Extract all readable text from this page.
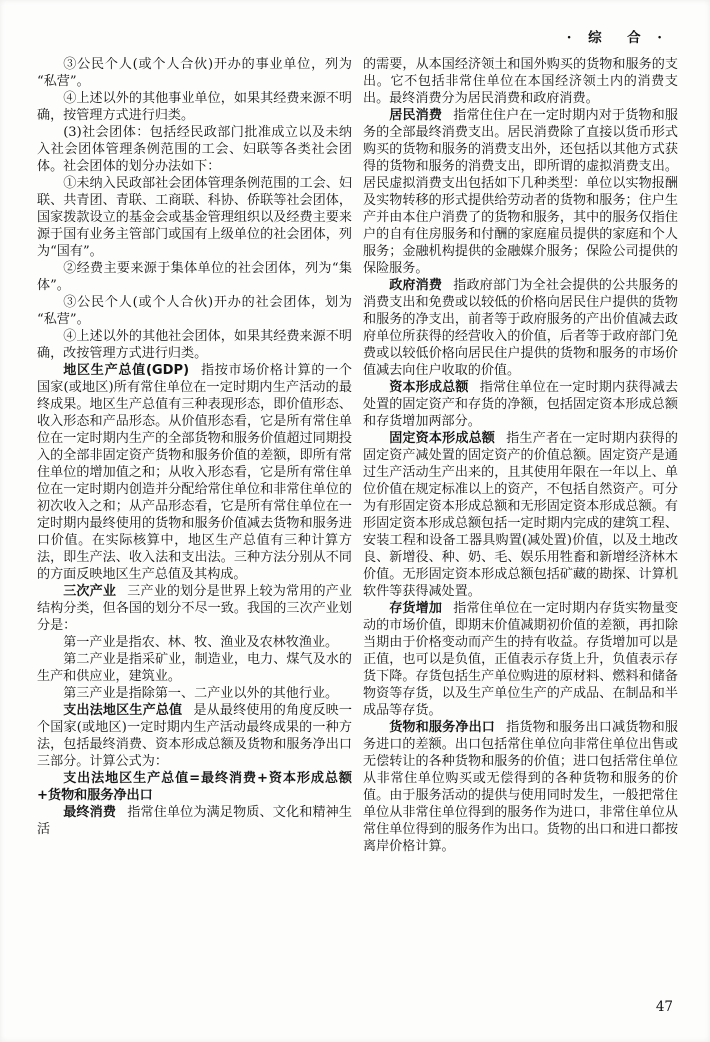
· 综　合 ·

③公民个人(或个人合伙)开办的事业单位，列为“私营”。

④上述以外的其他事业单位，如果其经费来源不明确，按管理方式进行归类。

(3)社会团体：包括经民政部门批准成立以及未纳入社会团体管理条例范围的工会、妇联等各类社会团体。社会团体的划分办法如下：

①未纳入民政部社会团体管理条例范围的工会、妇联、共青团、青联、工商联、科协、侨联等社会团体，国家拨款设立的基金会或基金管理组织以及经费主要来源于国有业务主管部门或国有上级单位的社会团体，列为“国有”。

②经费主要来源于集体单位的社会团体，列为“集体”。

③公民个人(或个人合伙)开办的社会团体，划为“私营”。

④上述以外的其他社会团体，如果其经费来源不明确，改按管理方式进行归类。

地区生产总值(GDP) 指按市场价格计算的一个国家(或地区)所有常住单位在一定时期内生产活动的最终成果。地区生产总值有三种表现形态，即价值形态、收入形态和产品形态。从价值形态看，它是所有常住单位在一定时期内生产的全部货物和服务价值超过同期投入的全部非固定资产货物和服务价值的差额，即所有常住单位的增加值之和；从收入形态看，它是所有常住单位在一定时期内创造并分配给常住单位和非常住单位的初次收入之和；从产品形态看，它是所有常住单位在一定时期内最终使用的货物和服务价值减去货物和服务进口价值。在实际核算中，地区生产总值有三种计算方法，即生产法、收入法和支出法。三种方法分别从不同的方面反映地区生产总值及其构成。

三次产业 三产业的划分是世界上较为常用的产业结构分类，但各国的划分不尽一致。我国的三次产业划分是：

第一产业是指农、林、牧、渔业及农林牧渔业。

第二产业是指采矿业，制造业，电力、煤气及水的生产和供应业，建筑业。

第三产业是指除第一、二产业以外的其他行业。

支出法地区生产总值 是从最终使用的角度反映一个国家(或地区)一定时期内生产活动最终成果的一种方法，包括最终消费、资本形成总额及货物和服务净出口三部分。计算公式为：

支出法地区生产总值=最终消费+资本形成总额+货物和服务净出口

最终消费 指常住单位为满足物质、文化和精神生活

的需要，从本国经济领土和国外购买的货物和服务的支出。它不包括非常住单位在本国经济领土内的消费支出。最终消费分为居民消费和政府消费。

居民消费 指常住住户在一定时期内对于货物和服务的全部最终消费支出。居民消费除了直接以货币形式购买的货物和服务的消费支出外，还包括以其他方式获得的货物和服务的消费支出，即所谓的虚拟消费支出。居民虚拟消费支出包括如下几种类型：单位以实物报酬及实物转移的形式提供给劳动者的货物和服务；住户生产并由本住户消费了的货物和服务，其中的服务仅指住户的自有住房服务和付酬的家庭雇员提供的家庭和个人服务；金融机构提供的金融媒介服务；保险公司提供的保险服务。

政府消费 指政府部门为全社会提供的公共服务的消费支出和免费或以较低的价格向居民住户提供的货物和服务的净支出，前者等于政府服务的产出价值减去政府单位所获得的经营收入的价值，后者等于政府部门免费或以较低价格向居民住户提供的货物和服务的市场价值减去向住户收取的价值。

资本形成总额 指常住单位在一定时期内获得减去处置的固定资产和存货的净额，包括固定资本形成总额和存货增加两部分。

固定资本形成总额 指生产者在一定时期内获得的固定资产减处置的固定资产的价值总额。固定资产是通过生产活动生产出来的，且其使用年限在一年以上、单位价值在规定标准以上的资产，不包括自然资产。可分为有形固定资本形成总额和无形固定资本形成总额。有形固定资本形成总额包括一定时期内完成的建筑工程、安装工程和设备工器具购置(减处置)价值，以及土地改良、新增役、种、奶、毛、娱乐用牲畜和新增经济林木价值。无形固定资本形成总额包括矿藏的勘探、计算机软件等获得减处置。

存货增加 指常住单位在一定时期内存货实物量变动的市场价值，即期末价值减期初价值的差额，再扣除当期由于价格变动而产生的持有收益。存货增加可以是正值，也可以是负值，正值表示存货上升，负值表示存货下降。存货包括生产单位购进的原材料、燃料和储备物资等存货，以及生产单位生产的产成品、在制品和半成品等存货。

货物和服务净出口 指货物和服务出口减货物和服务进口的差额。出口包括常住单位向非常住单位出售或无偿转让的各种货物和服务的价值；进口包括常住单位从非常住单位购买或无偿得到的各种货物和服务的价值。由于服务活动的提供与使用同时发生，一般把常住单位从非常住单位得到的服务作为进口，非常住单位从常住单位得到的服务作为出口。货物的出口和进口都按离岸价格计算。

47
